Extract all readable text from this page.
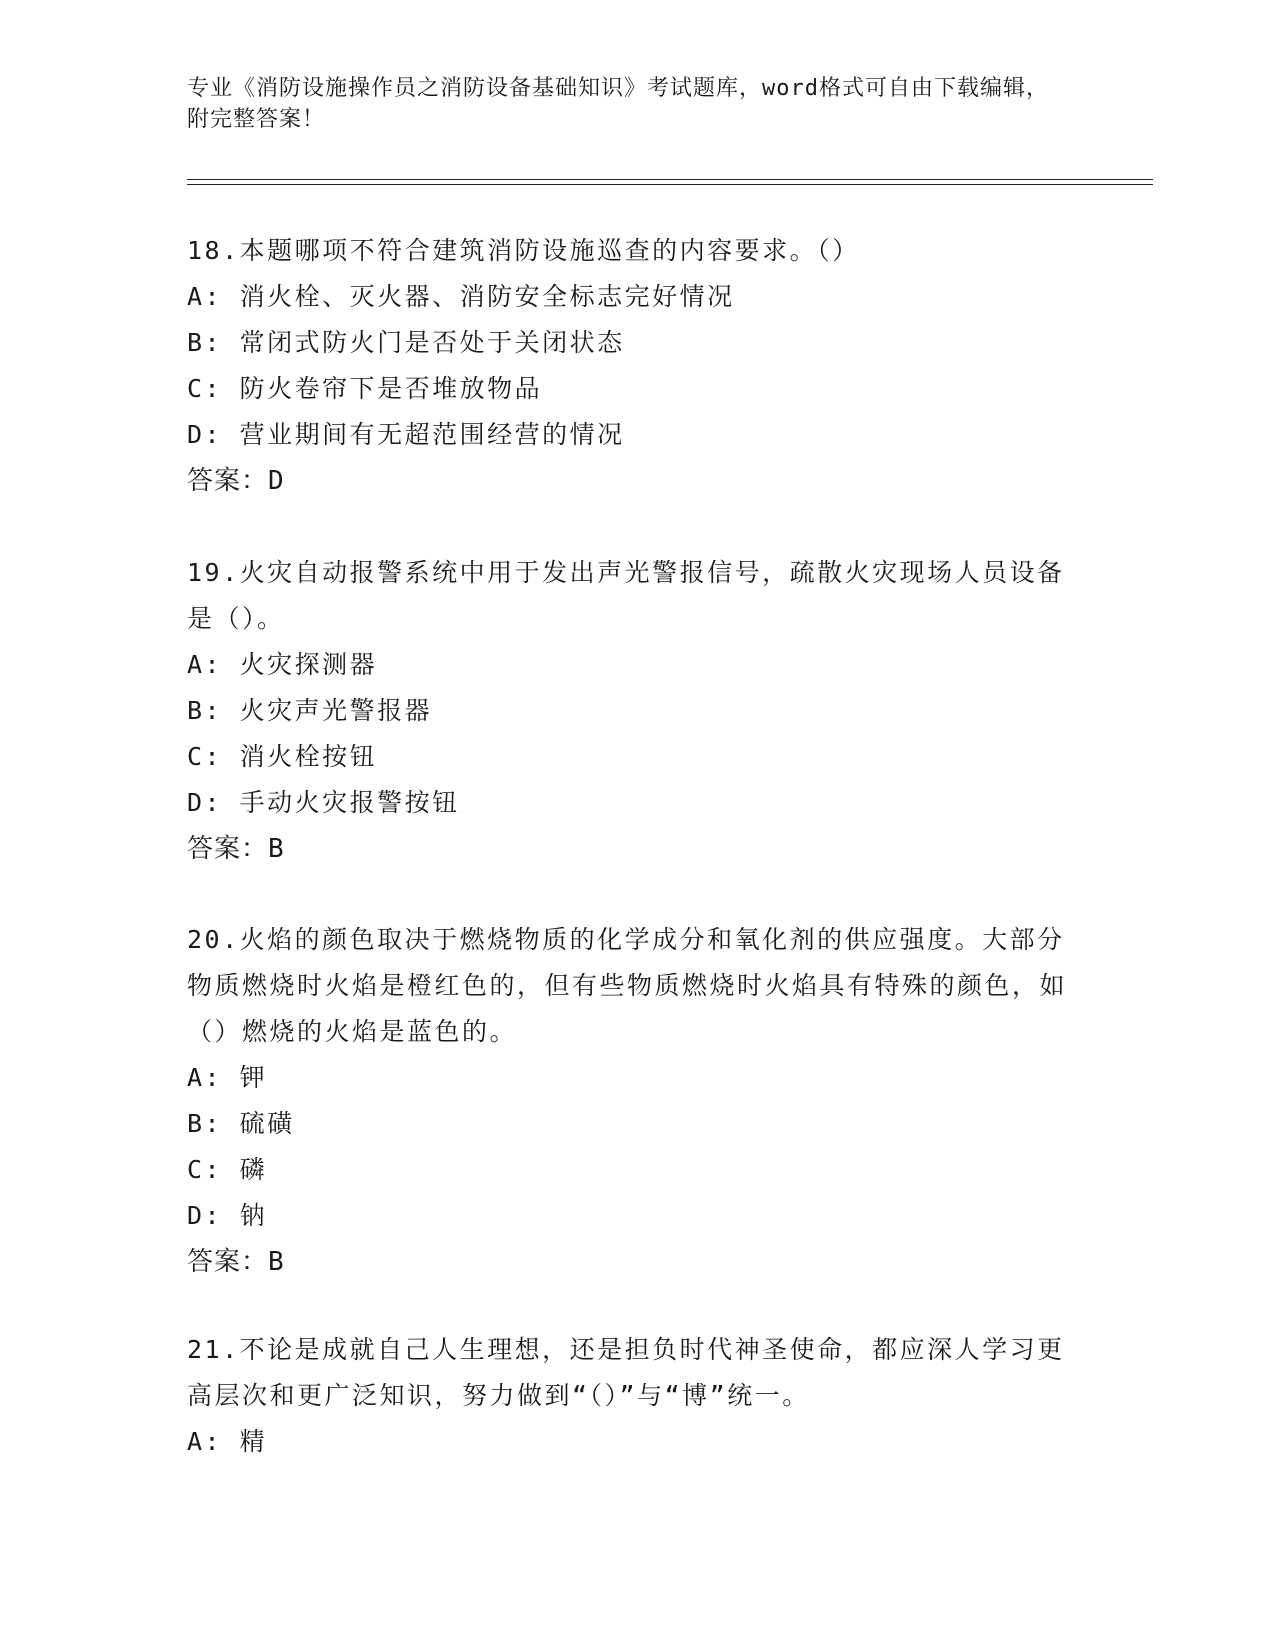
专业《消防设施操作员之消防设备基础知识》考试题库，word格式可自由下载编辑，附完整答案！

18.本题哪项不符合建筑消防设施巡查的内容要求。（）

A: 消火栓、灭火器、消防安全标志完好情况

B: 常闭式防火门是否处于关闭状态

C: 防火卷帘下是否堆放物品

D: 营业期间有无超范围经营的情况

答案：D

19.火灾自动报警系统中用于发出声光警报信号，疏散火灾现场人员设备是（）。

A: 火灾探测器

B: 火灾声光警报器

C: 消火栓按钮

D: 手动火灾报警按钮

答案：B

20.火焰的颜色取决于燃烧物质的化学成分和氧化剂的供应强度。大部分物质燃烧时火焰是橙红色的，但有些物质燃烧时火焰具有特殊的颜色，如（）燃烧的火焰是蓝色的。

A: 钾

B: 硫磺

C: 磷

D: 钠

答案：B

21.不论是成就自己人生理想，还是担负时代神圣使命，都应深人学习更高层次和更广泛知识，努力做到“（）”与“博”统一。

A: 精
